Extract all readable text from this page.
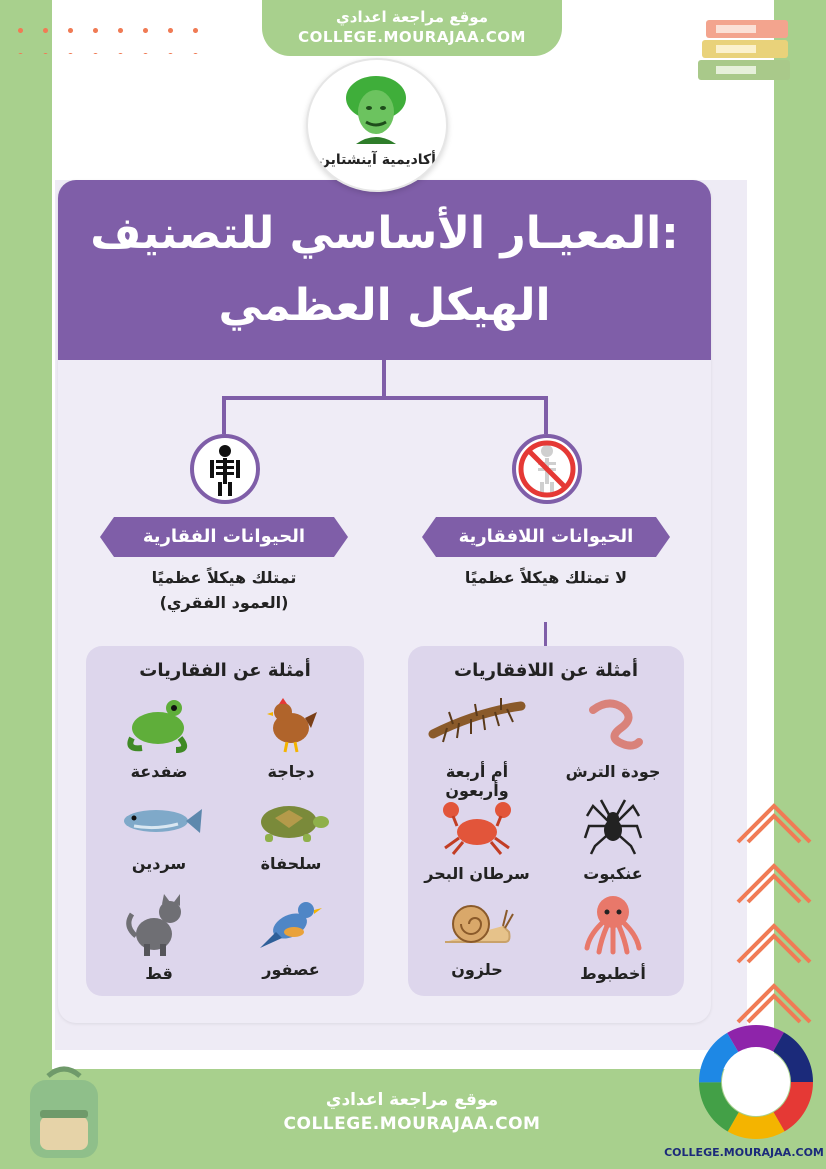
موقع مراجعة اعدادي
COLLEGE.MOURAJAA.COM
أكاديمية آينشتاين
المعيـار الأساسي للتصنيف:
الهيكل العظمي
الحيوانات الفقارية	الحيوانات اللافقارية
تمتلك هيكلاً عظميًا
(العمود الفقري)
لا تمتلك هيكلاً عظميًا
أمثلة عن الفقاريات
دجاجة
ضفدعة
سلحفاة
سردين
عصفور
قط
أمثلة عن اللافقاريات
جودة الترش
أم أربعة وأربعون
عنكبوت
سرطان البحر
أخطبوط
حلزون
موقع مراجعة اعدادي
COLLEGE.MOURAJAA.COM
COLLEGE.MOURAJAA.COM
